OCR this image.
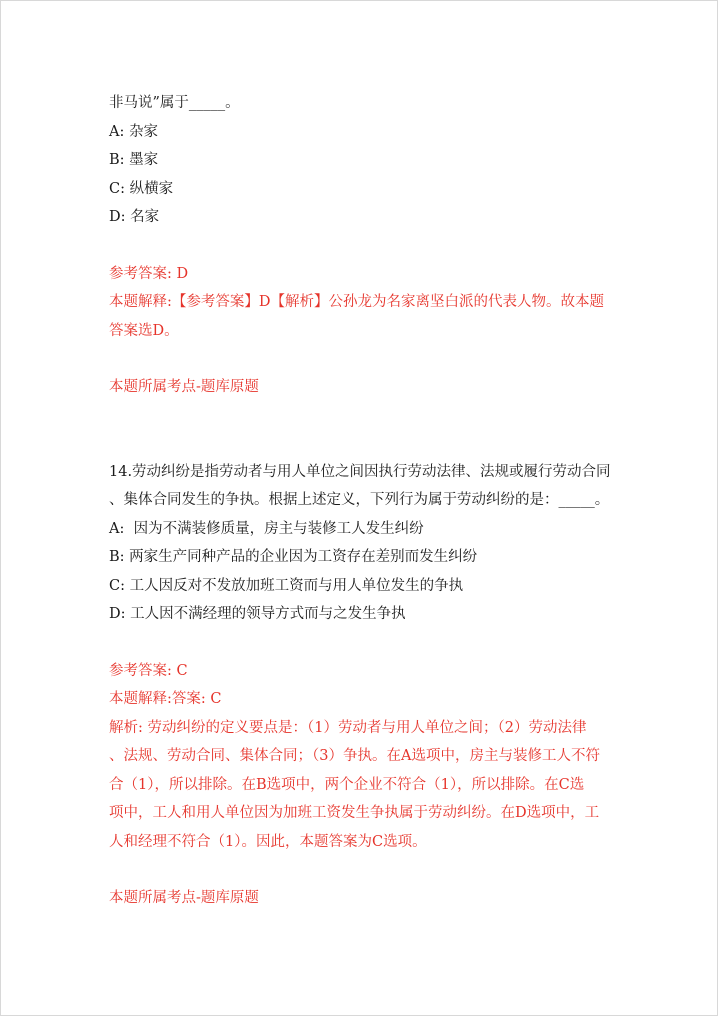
非马说”属于_____。
A: 杂家
B: 墨家
C: 纵横家
D: 名家
参考答案: D
本题解释:【参考答案】D【解析】公孙龙为名家离坚白派的代表人物。故本题
答案选D。
本题所属考点-题库原题
14.劳动纠纷是指劳动者与用人单位之间因执行劳动法律、法规或履行劳动合同
、集体合同发生的争执。根据上述定义，下列行为属于劳动纠纷的是：_____。
A:  因为不满装修质量，房主与装修工人发生纠纷
B: 两家生产同种产品的企业因为工资存在差别而发生纠纷
C: 工人因反对不发放加班工资而与用人单位发生的争执
D: 工人因不满经理的领导方式而与之发生争执
参考答案: C
本题解释:答案: C
解析: 劳动纠纷的定义要点是：（1）劳动者与用人单位之间；（2）劳动法律
、法规、劳动合同、集体合同；（3）争执。在A选项中，房主与装修工人不符
合（1），所以排除。在B选项中，两个企业不符合（1），所以排除。在C选
项中，工人和用人单位因为加班工资发生争执属于劳动纠纷。在D选项中，工
人和经理不符合（1）。因此，本题答案为C选项。
本题所属考点-题库原题
